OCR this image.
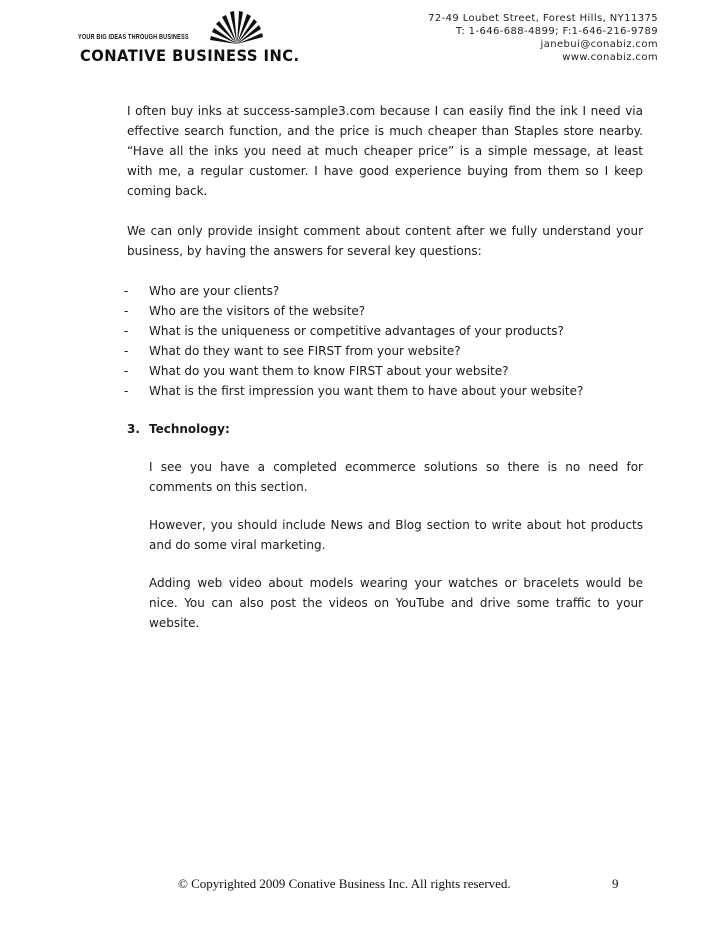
YOUR BIG IDEAS THROUGH BUSINESS
CONATIVE BUSINESS INC.
72-49 Loubet Street, Forest Hills, NY11375
T: 1-646-688-4899; F:1-646-216-9789
janebui@conabiz.com
www.conabiz.com

I often buy inks at success-sample3.com because I can easily find the ink I need via effective search function, and the price is much cheaper than Staples store nearby. “Have all the inks you need at much cheaper price” is a simple message, at least with me, a regular customer. I have good experience buying from them so I keep coming back.

We can only provide insight comment about content after we fully understand your business, by having the answers for several key questions:

- Who are your clients?
- Who are the visitors of the website?
- What is the uniqueness or competitive advantages of your products?
- What do they want to see FIRST from your website?
- What do you want them to know FIRST about your website?
- What is the first impression you want them to have about your website?
3. Technology:

I see you have a completed ecommerce solutions so there is no need for comments on this section.

However, you should include News and Blog section to write about hot products and do some viral marketing.

Adding web video about models wearing your watches or bracelets would be nice. You can also post the videos on YouTube and drive some traffic to your website.

© Copyrighted 2009 Conative Business Inc. All rights reserved.	9
